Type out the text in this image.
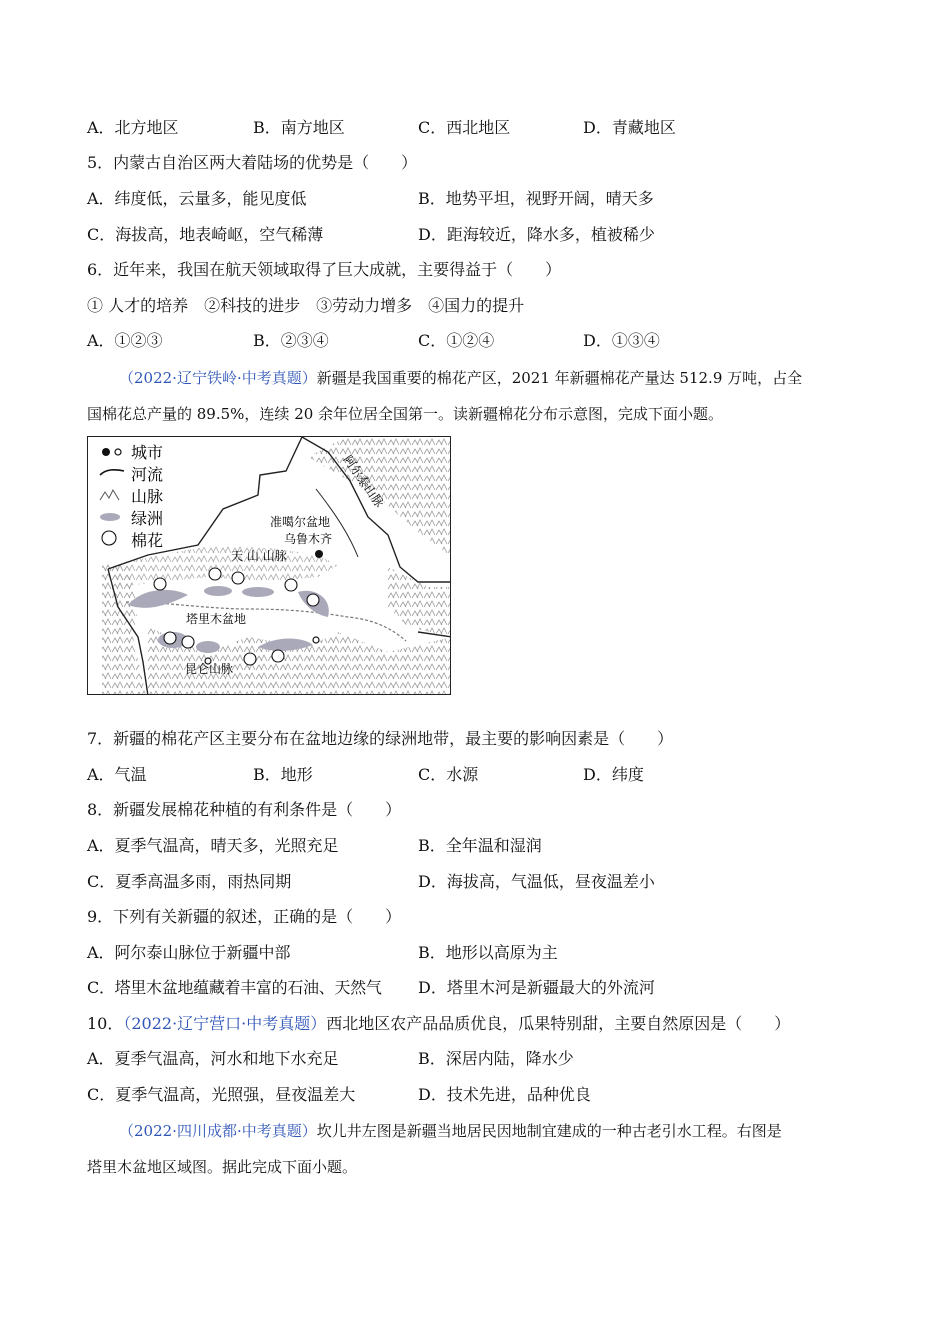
A．北方地区	B．南方地区	C．西北地区	D．青藏地区
5．内蒙古自治区两大着陆场的优势是（　　）
A．纬度低，云量多，能见度低	B．地势平坦，视野开阔，晴天多
C．海拔高，地表崎岖，空气稀薄	D．距海较近，降水多，植被稀少
6．近年来，我国在航天领域取得了巨大成就，主要得益于（　　）
① 人才的培养　②科技的进步　③劳动力增多　④国力的提升
A．①②③	B．②③④	C．①②④	D．①③④
（2022·辽宁铁岭·中考真题）新疆是我国重要的棉花产区，2021 年新疆棉花产量达 512.9 万吨，占全
国棉花总产量的 89.5%，连续 20 余年位居全国第一。读新疆棉花分布示意图，完成下面小题。
城市
河流
山脉
绿洲
棉花
阿尔泰山脉
准噶尔盆地
乌鲁木齐
天 山 山脉
塔里木盆地
昆仑山脉
7．新疆的棉花产区主要分布在盆地边缘的绿洲地带，最主要的影响因素是（　　）
A．气温	B．地形	C．水源	D．纬度
8．新疆发展棉花种植的有利条件是（　　）
A．夏季气温高，晴天多，光照充足	B．全年温和湿润
C．夏季高温多雨，雨热同期	D．海拔高，气温低，昼夜温差小
9．下列有关新疆的叙述，正确的是（　　）
A．阿尔泰山脉位于新疆中部	B．地形以高原为主
C．塔里木盆地蕴藏着丰富的石油、天然气 D．塔里木河是新疆最大的外流河
10．（2022·辽宁营口·中考真题）西北地区农产品品质优良，瓜果特别甜，主要自然原因是（　　）
A．夏季气温高，河水和地下水充足	B．深居内陆，降水少
C．夏季气温高，光照强，昼夜温差大	D．技术先进，品种优良
（2022·四川成都·中考真题）坎儿井左图是新疆当地居民因地制宜建成的一种古老引水工程。右图是
塔里木盆地区域图。据此完成下面小题。
